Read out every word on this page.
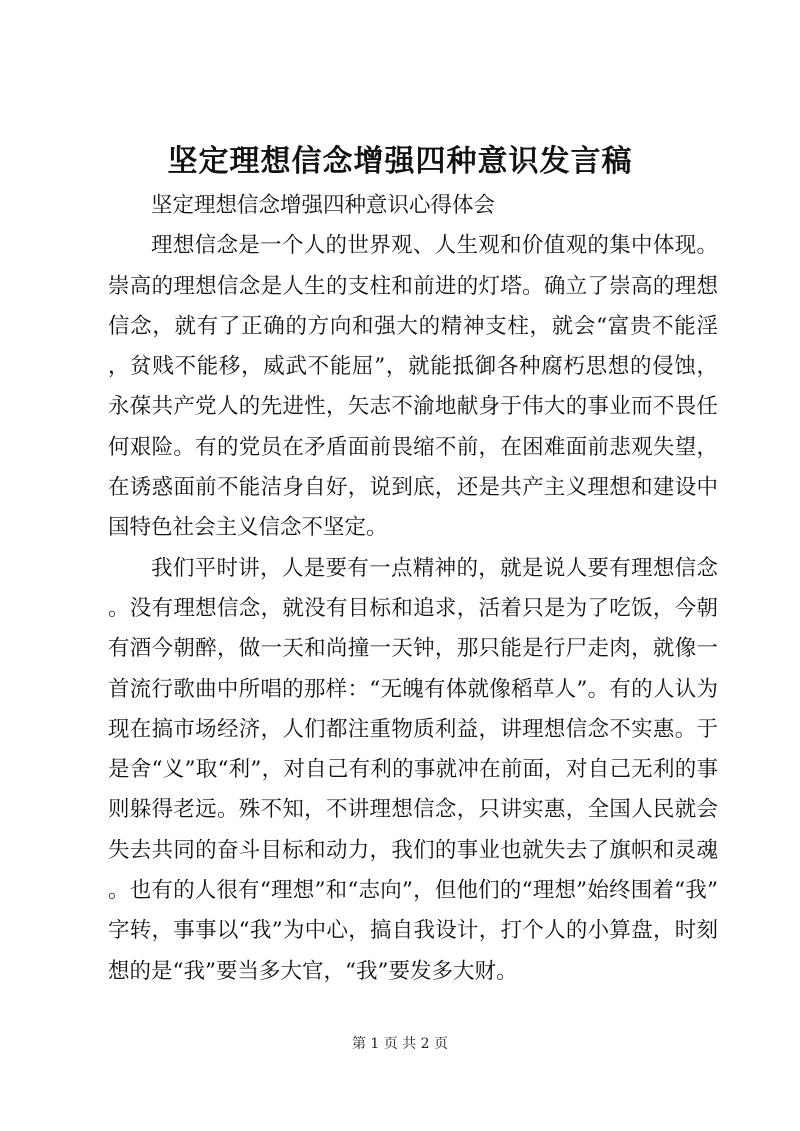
坚定理想信念增强四种意识发言稿

坚定理想信念增强四种意识心得体会

理想信念是一个人的世界观、人生观和价值观的集中体现。崇高的理想信念是人生的支柱和前进的灯塔。确立了崇高的理想信念，就有了正确的方向和强大的精神支柱，就会“富贵不能淫，贫贱不能移，威武不能屈”，就能抵御各种腐朽思想的侵蚀，永葆共产党人的先进性，矢志不渝地献身于伟大的事业而不畏任何艰险。有的党员在矛盾面前畏缩不前，在困难面前悲观失望，在诱惑面前不能洁身自好，说到底，还是共产主义理想和建设中国特色社会主义信念不坚定。

我们平时讲，人是要有一点精神的，就是说人要有理想信念。没有理想信念，就没有目标和追求，活着只是为了吃饭，今朝有酒今朝醉，做一天和尚撞一天钟，那只能是行尸走肉，就像一首流行歌曲中所唱的那样：“无魄有体就像稻草人”。有的人认为现在搞市场经济，人们都注重物质利益，讲理想信念不实惠。于是舍“义”取“利”，对自己有利的事就冲在前面，对自己无利的事则躲得老远。殊不知，不讲理想信念，只讲实惠，全国人民就会失去共同的奋斗目标和动力，我们的事业也就失去了旗帜和灵魂。也有的人很有“理想”和“志向”，但他们的“理想”始终围着“我”字转，事事以“我”为中心，搞自我设计，打个人的小算盘，时刻想的是“我”要当多大官，“我”要发多大财。

第 1 页 共 2 页
